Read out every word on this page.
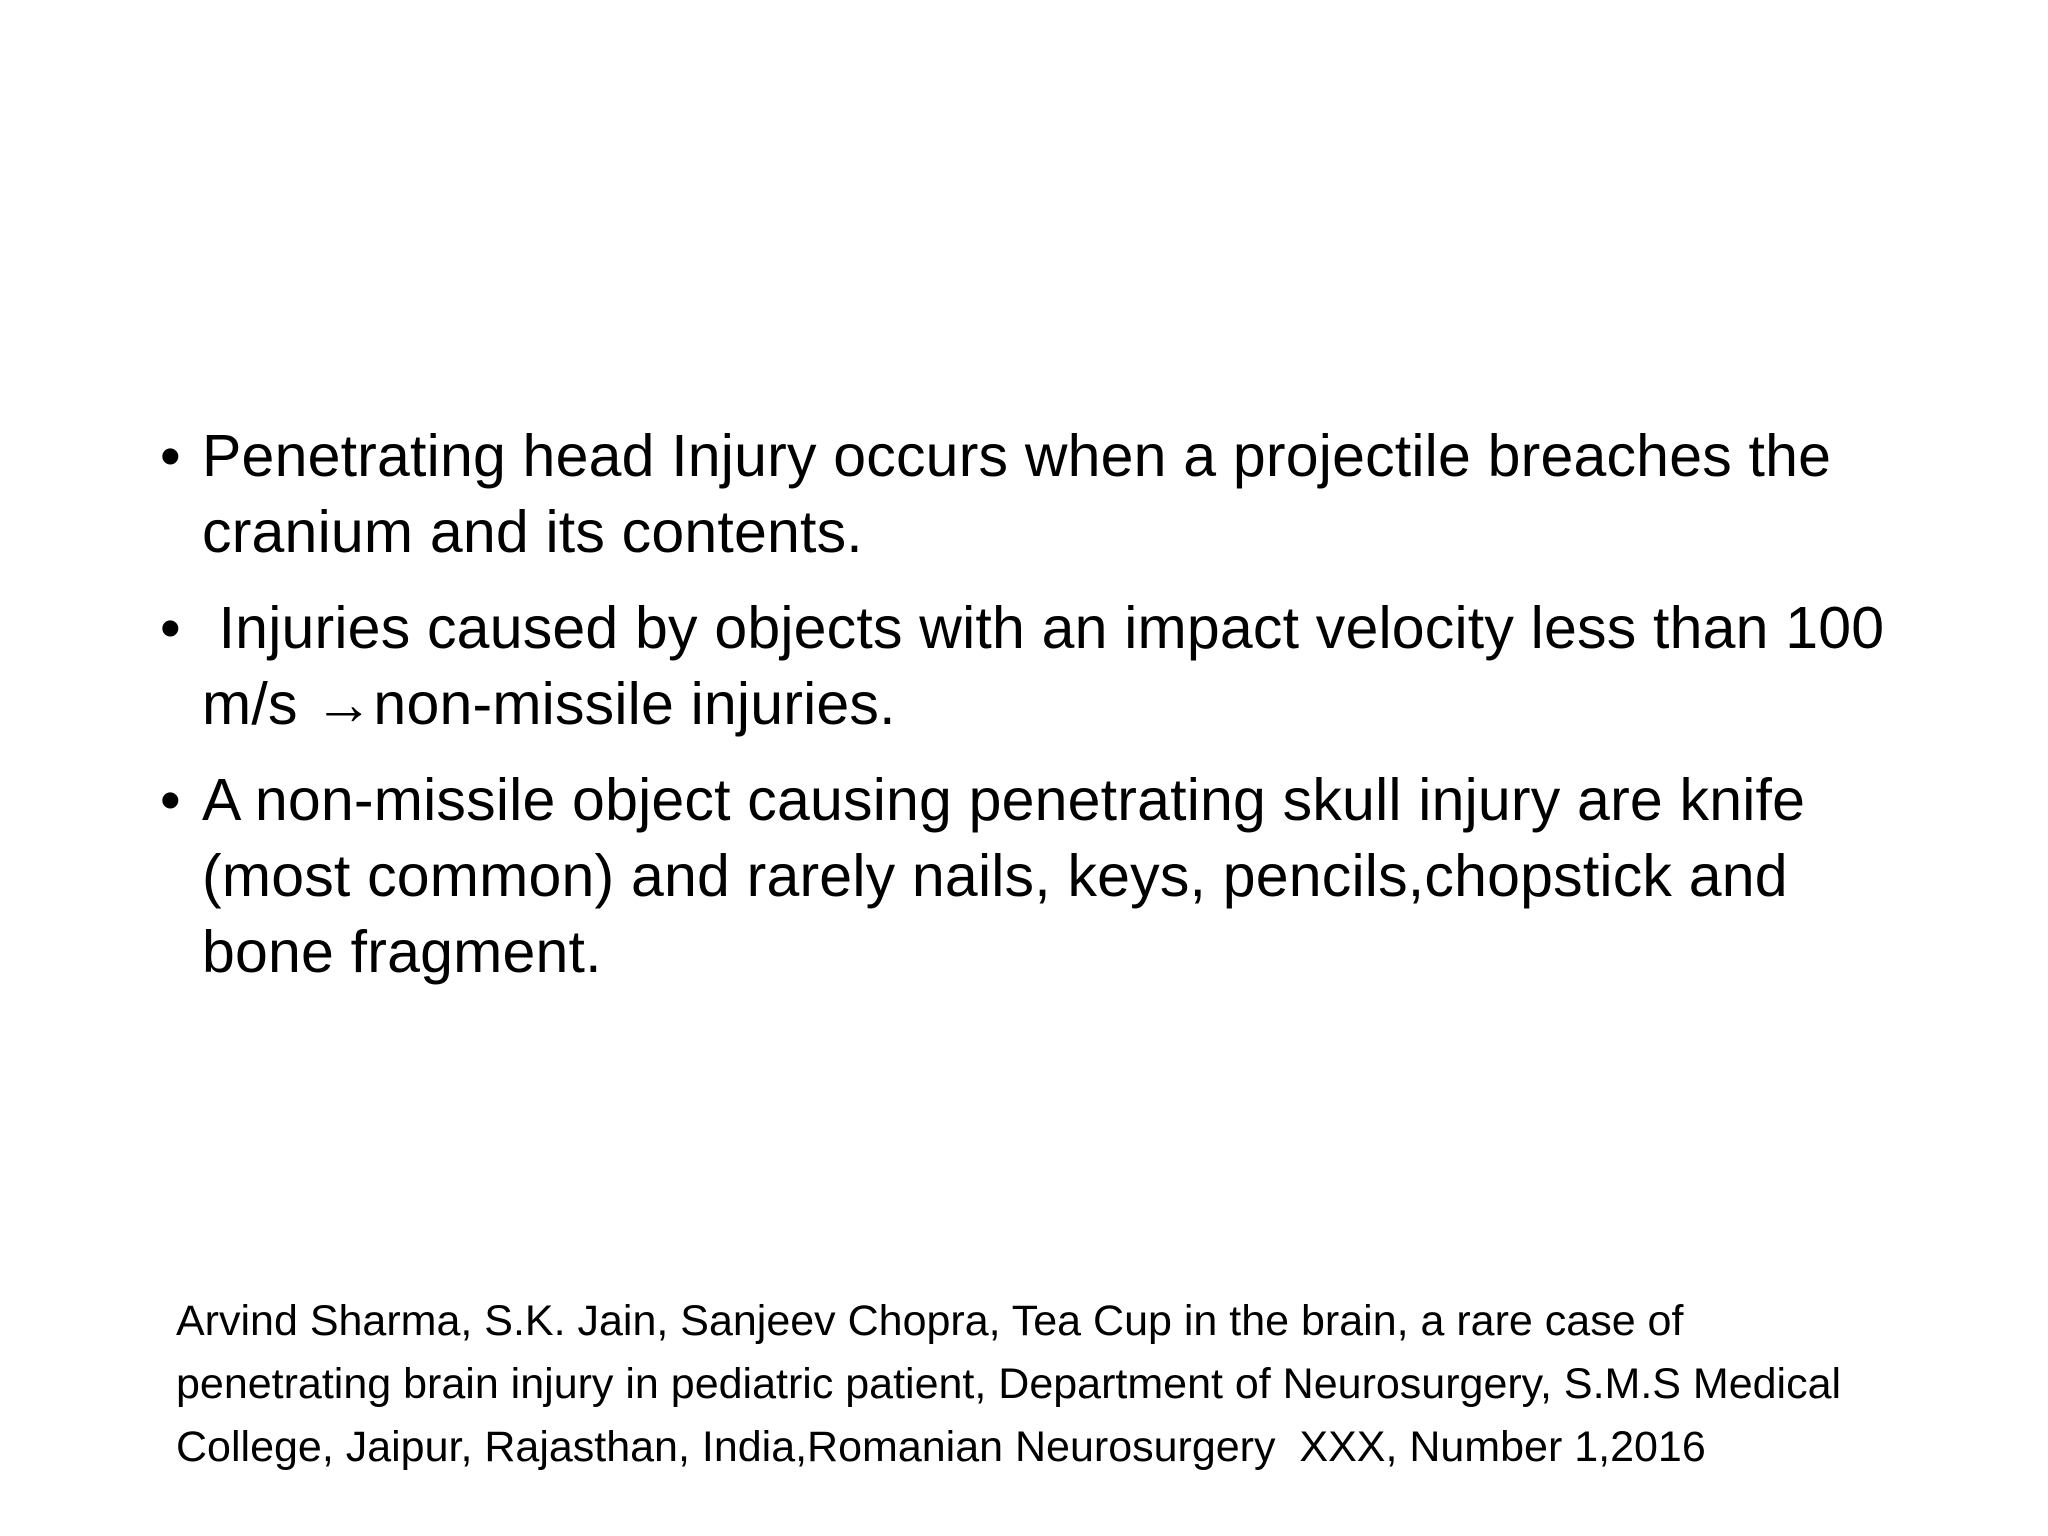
• Penetrating head Injury occurs when a projectile breaches the cranium and its contents.
• Injuries caused by objects with an impact velocity less than 100 m/s →non-missile injuries.
• A non-missile object causing penetrating skull injury are knife (most common) and rarely nails, keys, pencils,chopstick and bone fragment.
Arvind Sharma, S.K. Jain, Sanjeev Chopra, Tea Cup in the brain, a rare case of penetrating brain injury in pediatric patient, Department of Neurosurgery, S.M.S Medical College, Jaipur, Rajasthan, India,Romanian Neurosurgery  XXX, Number 1,2016
